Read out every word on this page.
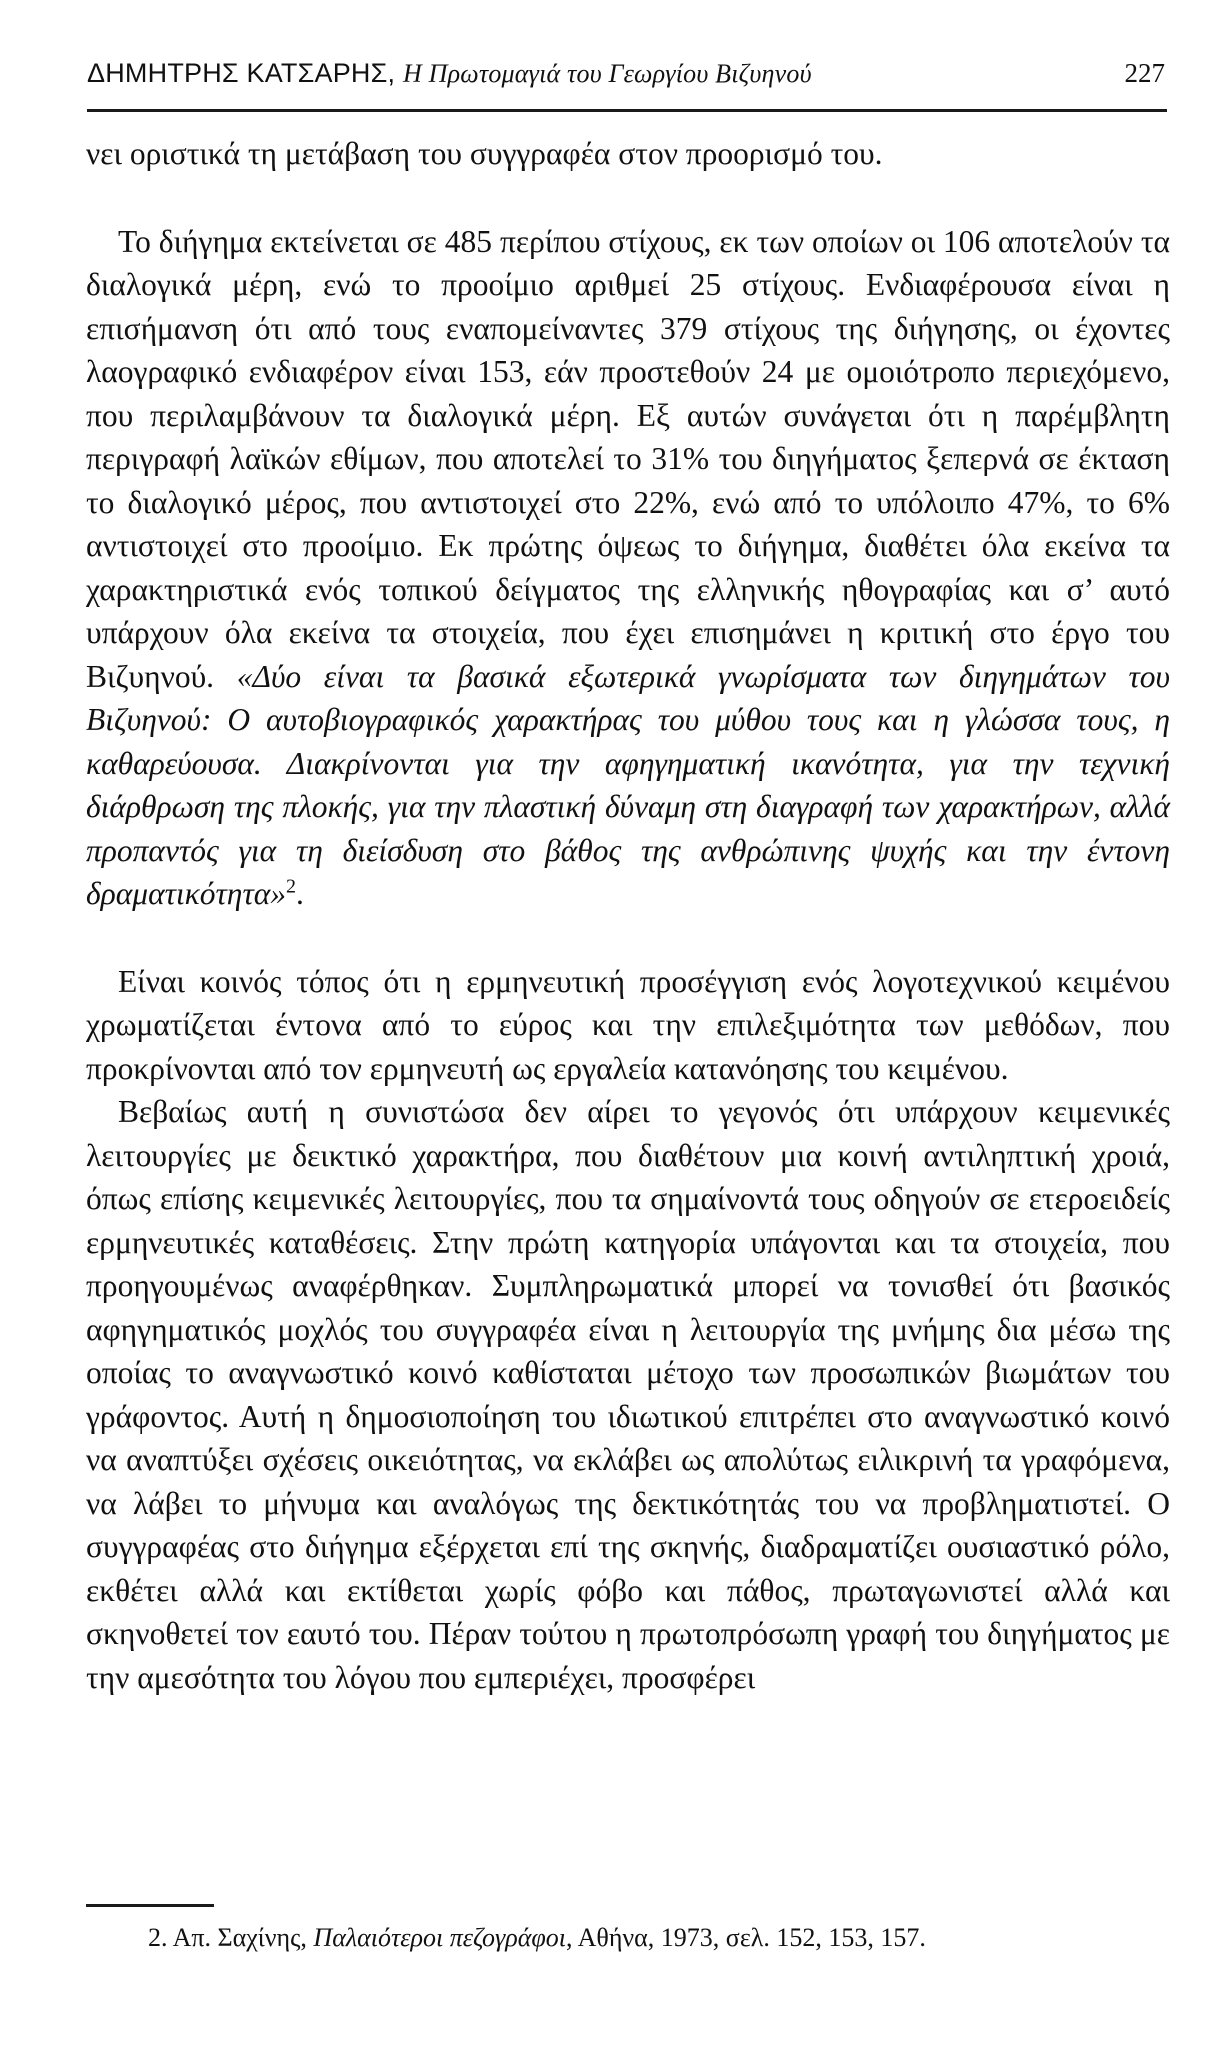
ΔΗΜΗΤΡΗΣ ΚΑΤΣΑΡΗΣ, Η Πρωτομαγιά του Γεωργίου Βιζυηνού	227

νει οριστικά τη μετάβαση του συγγραφέα στον προορισμό του.

Το διήγημα εκτείνεται σε 485 περίπου στίχους, εκ των οποίων οι 106 αποτελούν τα διαλογικά μέρη, ενώ το προοίμιο αριθμεί 25 στίχους. Ενδιαφέρουσα είναι η επισήμανση ότι από τους εναπομείναντες 379 στίχους της διήγησης, οι έχοντες λαογραφικό ενδιαφέρον είναι 153, εάν προστεθούν 24 με ομοιότροπο περιεχόμενο, που περιλαμβάνουν τα διαλογικά μέρη. Εξ αυτών συνάγεται ότι η παρέμβλητη περιγραφή λαϊκών εθίμων, που αποτελεί το 31% του διηγήματος ξεπερνά σε έκταση το διαλογικό μέρος, που αντιστοιχεί στο 22%, ενώ από το υπόλοιπο 47%, το 6% αντιστοιχεί στο προοίμιο. Εκ πρώτης όψεως το διήγημα, διαθέτει όλα εκείνα τα χαρακτηριστικά ενός τοπικού δείγματος της ελληνικής ηθογραφίας και σ’ αυτό υπάρχουν όλα εκείνα τα στοιχεία, που έχει επισημάνει η κριτική στο έργο του Βιζυηνού. «Δύο είναι τα βασικά εξωτερικά γνωρίσματα των διηγημάτων του Βιζυηνού: Ο αυτοβιογραφικός χαρακτήρας του μύθου τους και η γλώσσα τους, η καθαρεύουσα. Διακρίνονται για την αφηγηματική ικανότητα, για την τεχνική διάρθρωση της πλοκής, για την πλαστική δύναμη στη διαγραφή των χαρακτήρων, αλλά προπαντός για τη διείσδυση στο βάθος της ανθρώπινης ψυχής και την έντονη δραματικότητα»$^2$.

Είναι κοινός τόπος ότι η ερμηνευτική προσέγγιση ενός λογοτεχνικού κειμένου χρωματίζεται έντονα από το εύρος και την επιλεξιμότητα των μεθόδων, που προκρίνονται από τον ερμηνευτή ως εργαλεία κατανόησης του κειμένου.

Βεβαίως αυτή η συνιστώσα δεν αίρει το γεγονός ότι υπάρχουν κειμενικές λειτουργίες με δεικτικό χαρακτήρα, που διαθέτουν μια κοινή αντιληπτική χροιά, όπως επίσης κειμενικές λειτουργίες, που τα σημαίνοντά τους οδηγούν σε ετεροειδείς ερμηνευτικές καταθέσεις. Στην πρώτη κατηγορία υπάγονται και τα στοιχεία, που προηγουμένως αναφέρθηκαν. Συμπληρωματικά μπορεί να τονισθεί ότι βασικός αφηγηματικός μοχλός του συγγραφέα είναι η λειτουργία της μνήμης δια μέσω της οποίας το αναγνωστικό κοινό καθίσταται μέτοχο των προσωπικών βιωμάτων του γράφοντος. Αυτή η δημοσιοποίηση του ιδιωτικού επιτρέπει στο αναγνωστικό κοινό να αναπτύξει σχέσεις οικειότητας, να εκλάβει ως απολύτως ειλικρινή τα γραφόμενα, να λάβει το μήνυμα και αναλόγως της δεκτικότητάς του να προβληματιστεί. Ο συγγραφέας στο διήγημα εξέρχεται επί της σκηνής, διαδραματίζει ουσιαστικό ρόλο, εκθέτει αλλά και εκτίθεται χωρίς φόβο και πάθος, πρωταγωνιστεί αλλά και σκηνοθετεί τον εαυτό του. Πέραν τούτου η πρωτοπρόσωπη γραφή του διηγήματος με την αμεσότητα του λόγου που εμπεριέχει, προσφέρει

2. Απ. Σαχίνης, Παλαιότεροι πεζογράφοι, Αθήνα, 1973, σελ. 152, 153, 157.
